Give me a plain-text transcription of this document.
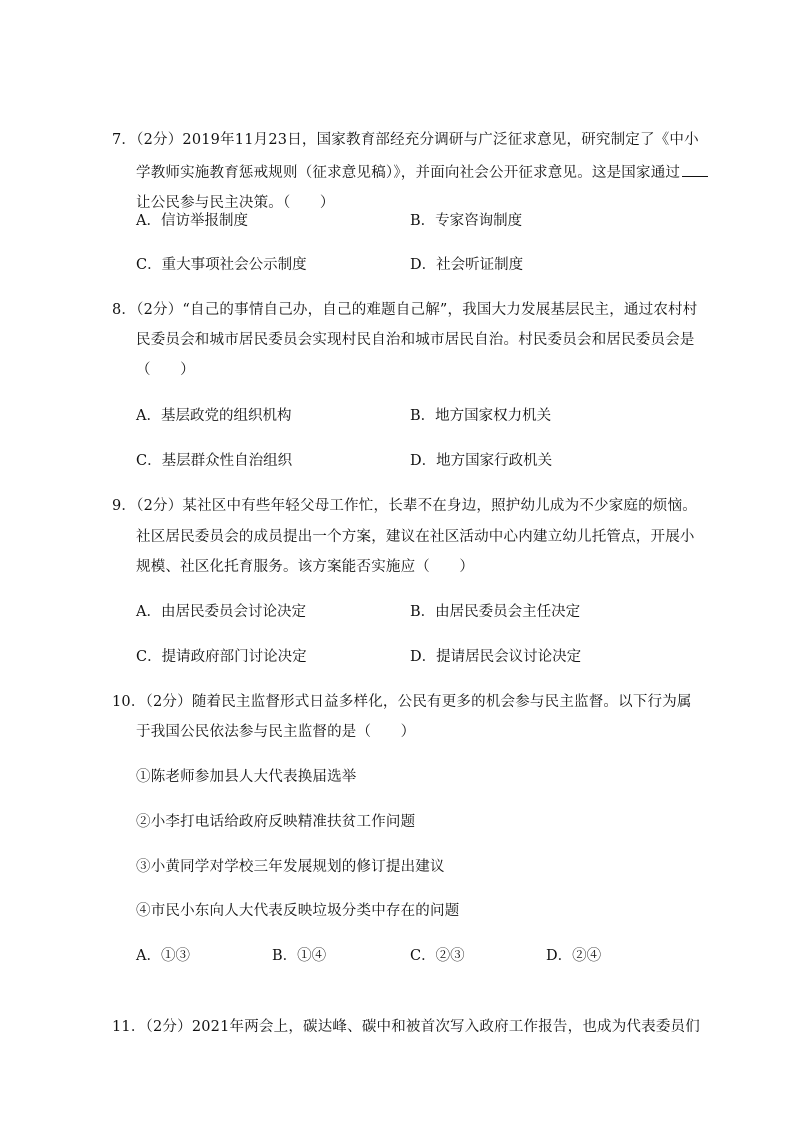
7．（2分）2019年11月23日，国家教育部经充分调研与广泛征求意见，研究制定了《中小
学教师实施教育惩戒规则（征求意见稿）》，并面向社会公开征求意见。这是国家通过
让公民参与民主决策。（　　）
A．信访举报制度	B．专家咨询制度
C．重大事项社会公示制度	D．社会听证制度
8．（2分）“自己的事情自己办，自己的难题自己解”，我国大力发展基层民主，通过农村村
民委员会和城市居民委员会实现村民自治和城市居民自治。村民委员会和居民委员会是
（　　）
A．基层政党的组织机构	B．地方国家权力机关
C．基层群众性自治组织	D．地方国家行政机关
9．（2分）某社区中有些年轻父母工作忙，长辈不在身边，照护幼儿成为不少家庭的烦恼。
社区居民委员会的成员提出一个方案，建议在社区活动中心内建立幼儿托管点，开展小
规模、社区化托育服务。该方案能否实施应（　　）
A．由居民委员会讨论决定	B．由居民委员会主任决定
C．提请政府部门讨论决定	D．提请居民会议讨论决定
10．（2分）随着民主监督形式日益多样化，公民有更多的机会参与民主监督。以下行为属
于我国公民依法参与民主监督的是（　　）
①陈老师参加县人大代表换届选举
②小李打电话给政府反映精准扶贫工作问题
③小黄同学对学校三年发展规划的修订提出建议
④市民小东向人大代表反映垃圾分类中存在的问题
A．①③	B．①④	C．②③	D．②④
11．（2分）2021年两会上，碳达峰、碳中和被首次写入政府工作报告，也成为代表委员们
